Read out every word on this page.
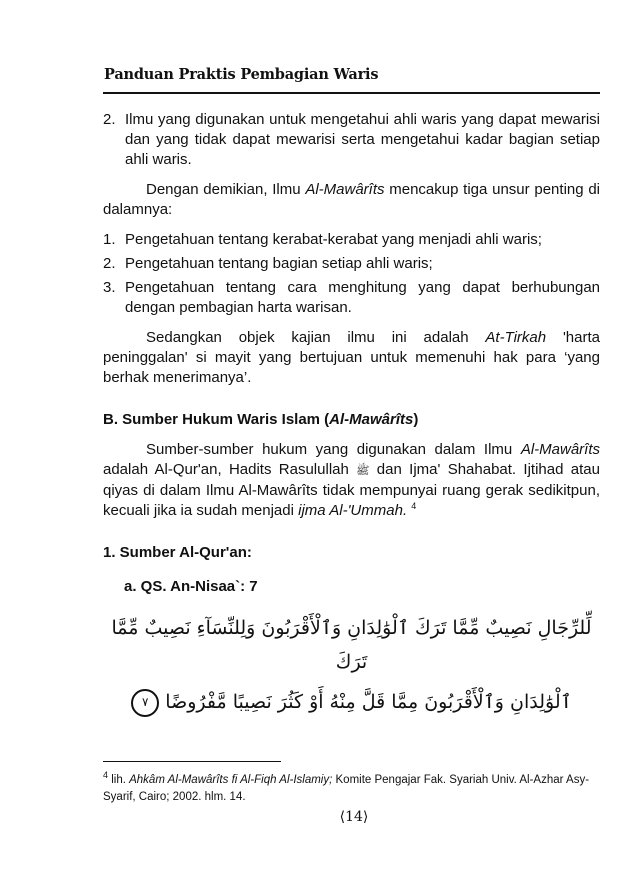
Panduan Praktis Pembagian Waris

2. Ilmu yang digunakan untuk mengetahui ahli waris yang dapat mewarisi dan yang tidak dapat mewarisi serta mengetahui kadar bagian setiap ahli waris.

Dengan demikian, Ilmu Al-Mawârîts mencakup tiga unsur penting di dalamnya:

1. Pengetahuan tentang kerabat-kerabat yang menjadi ahli waris;

2. Pengetahuan tentang bagian setiap ahli waris;

3. Pengetahuan tentang cara menghitung yang dapat berhubungan dengan pembagian harta warisan.

Sedangkan objek kajian ilmu ini adalah At-Tirkah 'harta peninggalan' si mayit yang bertujuan untuk memenuhi hak para ‘yang berhak menerimanya’.

B. Sumber Hukum Waris Islam (Al-Mawârîts)

Sumber-sumber hukum yang digunakan dalam Ilmu Al-Mawârîts adalah Al-Qur'an, Hadits Rasulullah ﷺ dan Ijma' Shahabat. Ijtihad atau qiyas di dalam Ilmu Al-Mawârîts tidak mempunyai ruang gerak sedikitpun, kecuali jika ia sudah menjadi ijma Al-'Ummah. $^4$

1. Sumber Al-Qur'an:

a. QS. An-Nisaa`: 7

لِّلرِّجَالِ نَصِيبٌ مِّمَّا تَرَكَ ٱلْوَٰلِدَانِ وَٱلْأَقْرَبُونَ وَلِلنِّسَآءِ نَصِيبٌ مِّمَّا تَرَكَ

ٱلْوَٰلِدَانِ وَٱلْأَقْرَبُونَ مِمَّا قَلَّ مِنْهُ أَوْ كَثُرَ نَصِيبًا مَّفْرُوضًا ٧

$^4$ lih. Ahkâm Al-Mawârîts fi Al-Fiqh Al-Islamiy; Komite Pengajar Fak. Syariah Univ. Al-Azhar Asy-Syarif, Cairo; 2002. hlm. 14.
⟨14⟩
